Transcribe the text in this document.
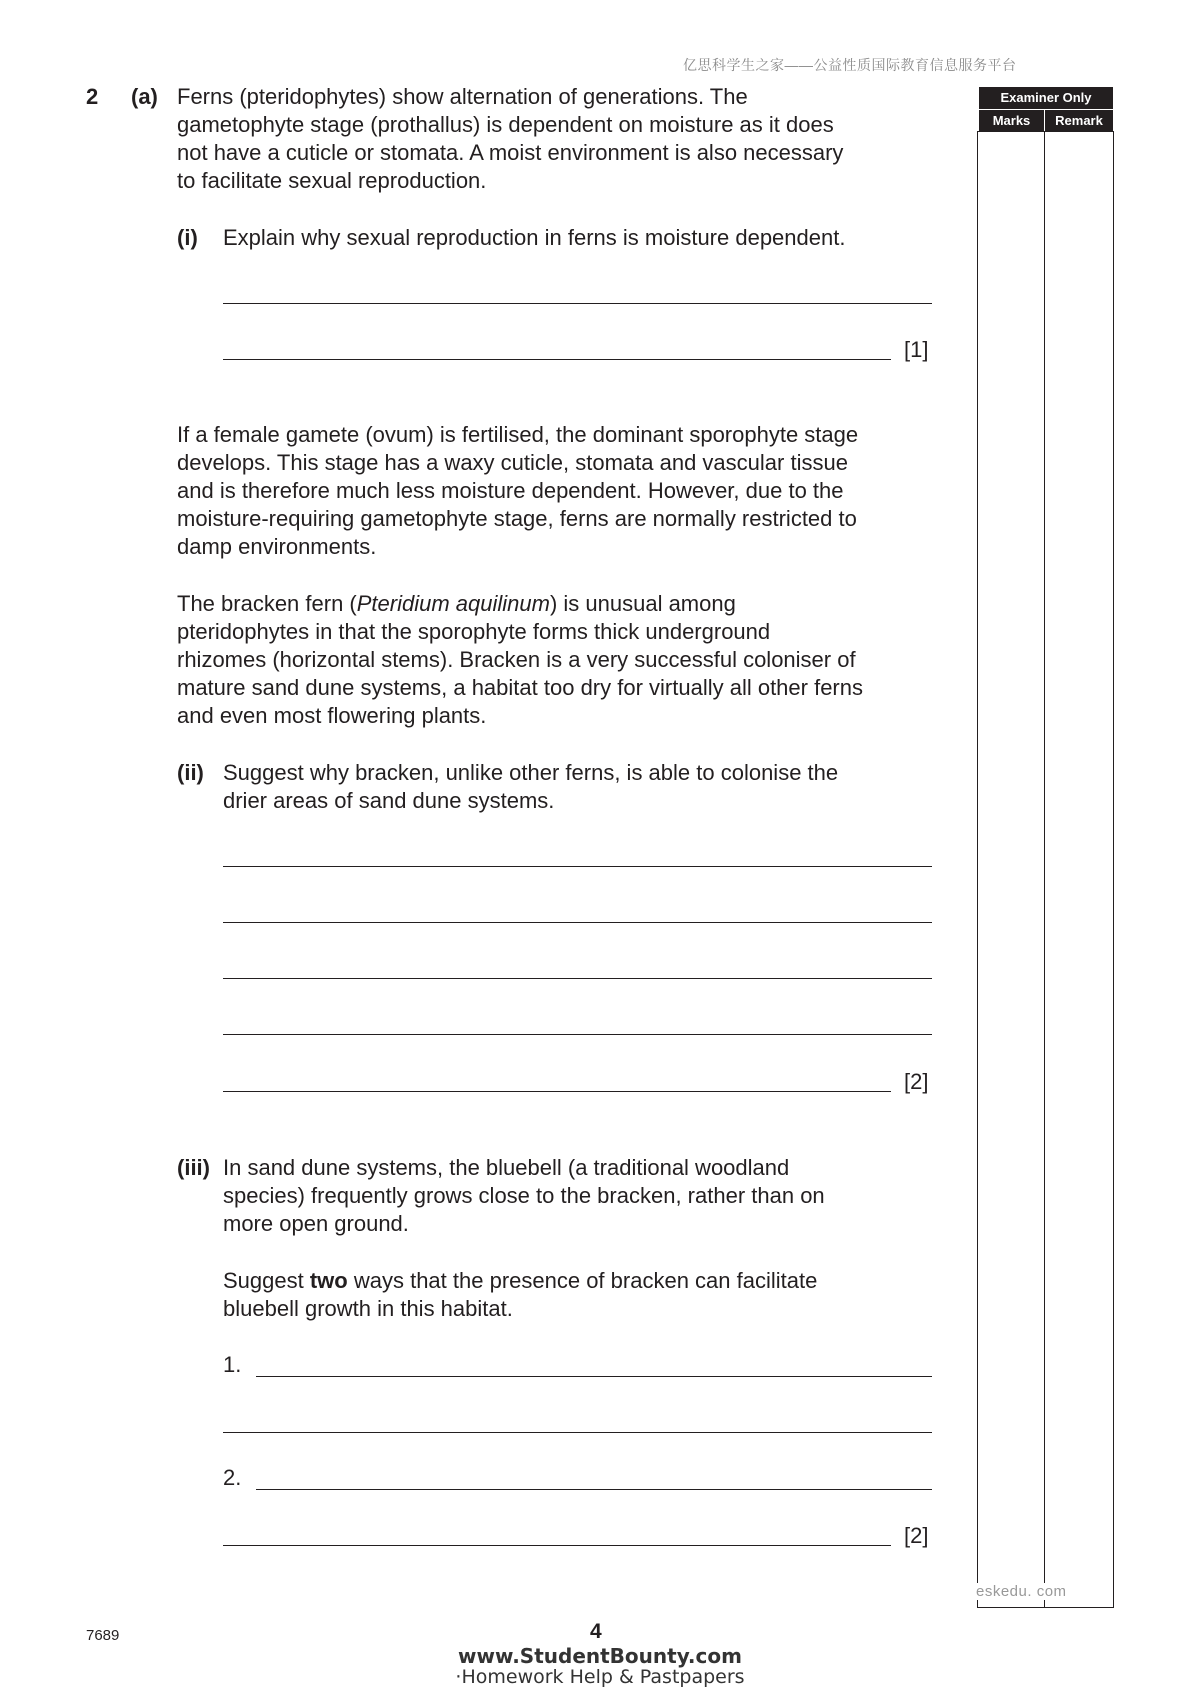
亿思科学生之家——公益性质国际教育信息服务平台
Examiner Only
Marks	Remark
eskedu. com
2 (a) Ferns (pteridophytes) show alternation of generations. The
gametophyte stage (prothallus) is dependent on moisture as it does
not have a cuticle or stomata. A moist environment is also necessary
to facilitate sexual reproduction.
(i) Explain why sexual reproduction in ferns is moisture dependent.
[1]
If a female gamete (ovum) is fertilised, the dominant sporophyte stage
develops. This stage has a waxy cuticle, stomata and vascular tissue
and is therefore much less moisture dependent. However, due to the
moisture-requiring gametophyte stage, ferns are normally restricted to
damp environments.
The bracken fern (Pteridium aquilinum) is unusual among
pteridophytes in that the sporophyte forms thick underground
rhizomes (horizontal stems). Bracken is a very successful coloniser of
mature sand dune systems, a habitat too dry for virtually all other ferns
and even most flowering plants.
(ii) Suggest why bracken, unlike other ferns, is able to colonise the
drier areas of sand dune systems.
[2]
(iii) In sand dune systems, the bluebell (a traditional woodland
species) frequently grows close to the bracken, rather than on
more open ground.
Suggest two ways that the presence of bracken can facilitate
bluebell growth in this habitat.
1.
2.
[2]
7689	4
www.StudentBounty.com
·Homework Help & Pastpapers
